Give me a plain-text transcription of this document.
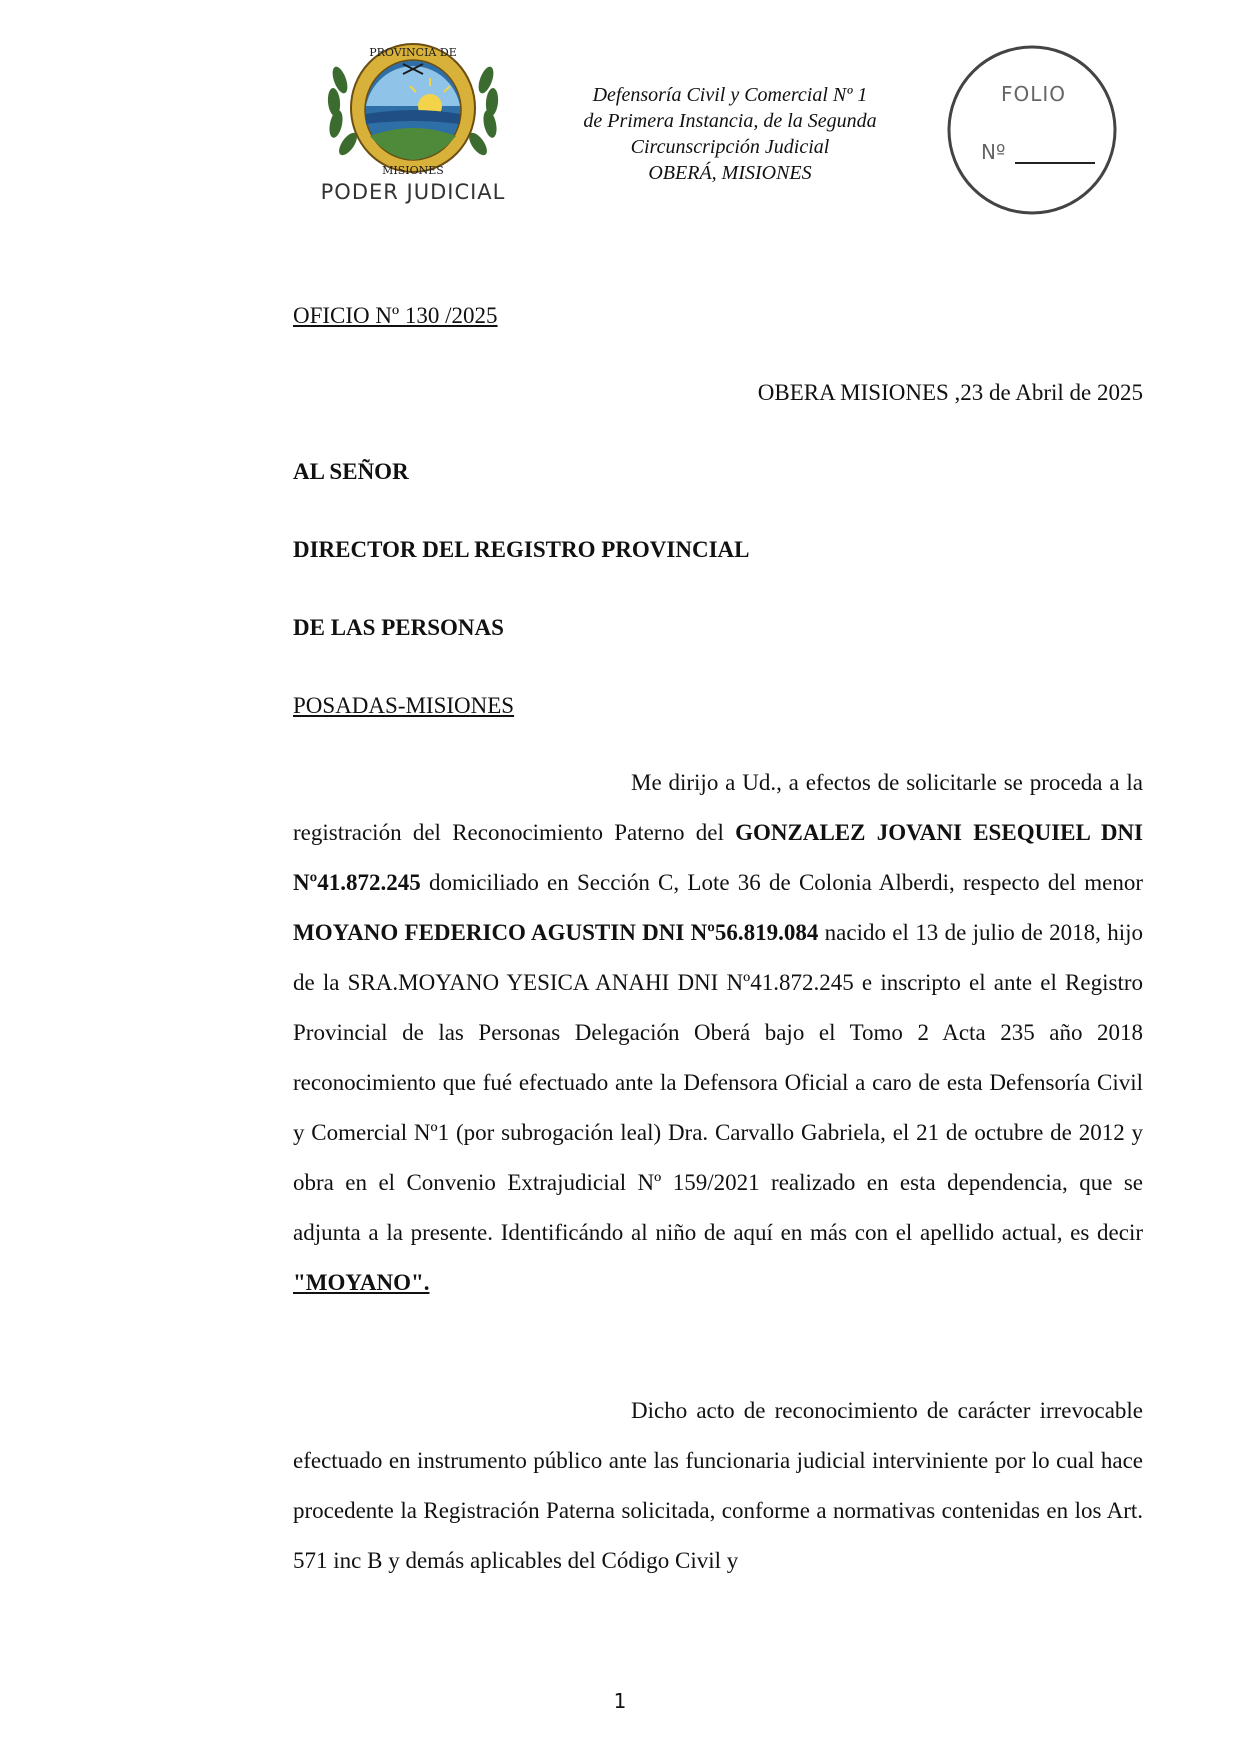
PROVINCIA DE
MISIONES
PODER JUDICIAL
Defensoría Civil y Comercial Nº 1
de Primera Instancia, de la Segunda
Circunscripción Judicial
OBERÁ, MISIONES
FOLIO
Nº
OFICIO Nº 130 /2025
OBERA MISIONES ,23 de Abril de 2025
AL SEÑOR
DIRECTOR DEL REGISTRO PROVINCIAL
DE LAS PERSONAS
POSADAS-MISIONES
Me dirijo a Ud., a efectos de solicitarle se proceda a la registración del Reconocimiento Paterno del GONZALEZ JOVANI ESEQUIEL DNI Nº41.872.245 domiciliado en Sección C, Lote 36 de Colonia Alberdi, respecto del menor MOYANO FEDERICO AGUSTIN DNI Nº56.819.084 nacido el 13 de julio de 2018, hijo de la SRA.MOYANO YESICA ANAHI DNI Nº41.872.245 e inscripto el ante el Registro Provincial de las Personas Delegación Oberá bajo el Tomo 2 Acta 235 año 2018 reconocimiento que fué efectuado ante la Defensora Oficial a caro de esta Defensoría Civil y Comercial Nº1 (por subrogación leal) Dra. Carvallo Gabriela, el 21 de octubre de 2012 y obra en el Convenio Extrajudicial Nº 159/2021 realizado en esta dependencia, que se adjunta a la presente. Identificándo al niño de aquí en más con el apellido actual, es decir "MOYANO".
Dicho acto de reconocimiento de carácter irrevocable efectuado en instrumento público ante las funcionaria judicial interviniente por lo cual hace procedente la Registración Paterna solicitada, conforme a normativas contenidas en los Art. 571 inc B y demás aplicables del Código Civil y
1
